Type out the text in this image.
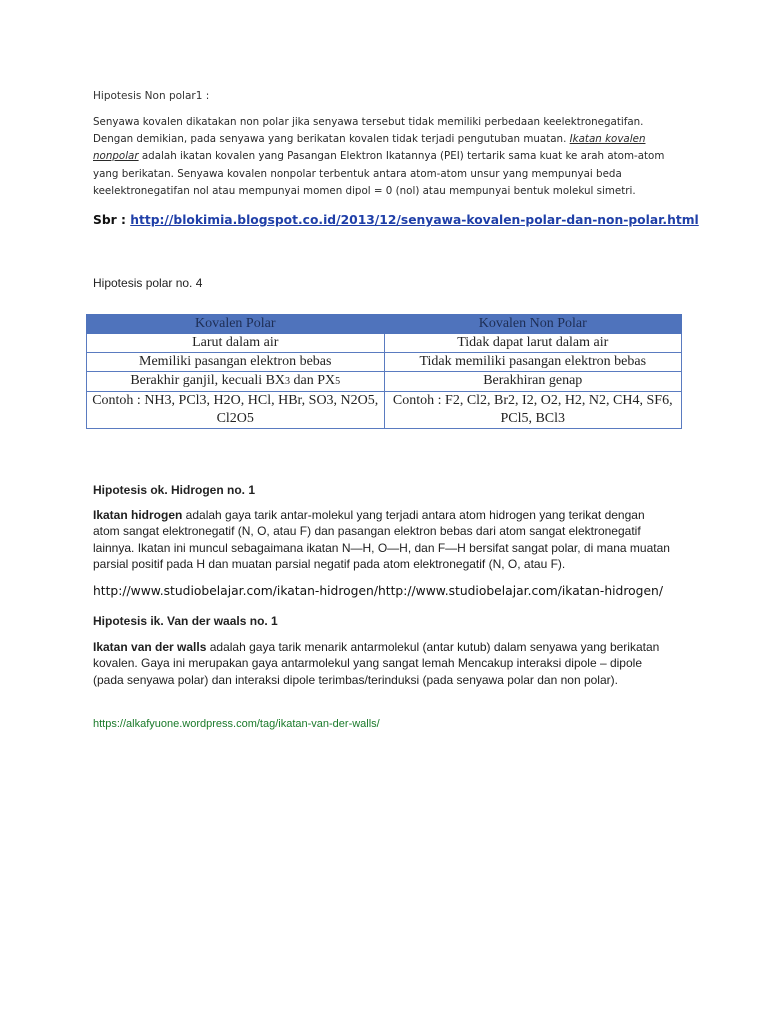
Hipotesis Non polar1 :
Senyawa kovalen dikatakan non polar jika senyawa tersebut tidak memiliki perbedaan keelektronegatifan.
Dengan demikian, pada senyawa yang berikatan kovalen tidak terjadi pengutuban muatan. Ikatan kovalen
nonpolar adalah ikatan kovalen yang Pasangan Elektron Ikatannya (PEI) tertarik sama kuat ke arah atom-atom
yang berikatan. Senyawa kovalen nonpolar terbentuk antara atom-atom unsur yang mempunyai beda
keelektronegatifan nol atau mempunyai momen dipol = 0 (nol) atau mempunyai bentuk molekul simetri.
Sbr : http://blokimia.blogspot.co.id/2013/12/senyawa-kovalen-polar-dan-non-polar.html
Hipotesis polar no. 4
Kovalen Polar	Kovalen Non Polar
Larut dalam air	Tidak dapat larut dalam air
Memiliki pasangan elektron bebas	Tidak memiliki pasangan elektron bebas
Berakhir ganjil, kecuali BX3 dan PX5	Berakhiran genap
Contoh : NH3, PCl3, H2O, HCl, HBr, SO3, N2O5, Cl2O5	Contoh : F2, Cl2, Br2, I2, O2, H2, N2, CH4, SF6, PCl5, BCl3
Hipotesis ok. Hidrogen no. 1
Ikatan hidrogen adalah gaya tarik antar-molekul yang terjadi antara atom hidrogen yang terikat dengan atom sangat elektronegatif (N, O, atau F) dan pasangan elektron bebas dari atom sangat elektronegatif lainnya. Ikatan ini muncul sebagaimana ikatan N—H, O—H, dan F—H bersifat sangat polar, di mana muatan parsial positif pada H dan muatan parsial negatif pada atom elektronegatif (N, O, atau F).
http://www.studiobelajar.com/ikatan-hidrogen/http://www.studiobelajar.com/ikatan-hidrogen/
Hipotesis ik. Van der waals no. 1
Ikatan van der walls adalah gaya tarik menarik antarmolekul (antar kutub) dalam senyawa yang berikatan kovalen. Gaya ini merupakan gaya antarmolekul yang sangat lemah Mencakup interaksi dipole – dipole (pada senyawa polar) dan interaksi dipole terimbas/terinduksi (pada senyawa polar dan non polar).
https://alkafyuone.wordpress.com/tag/ikatan-van-der-walls/
